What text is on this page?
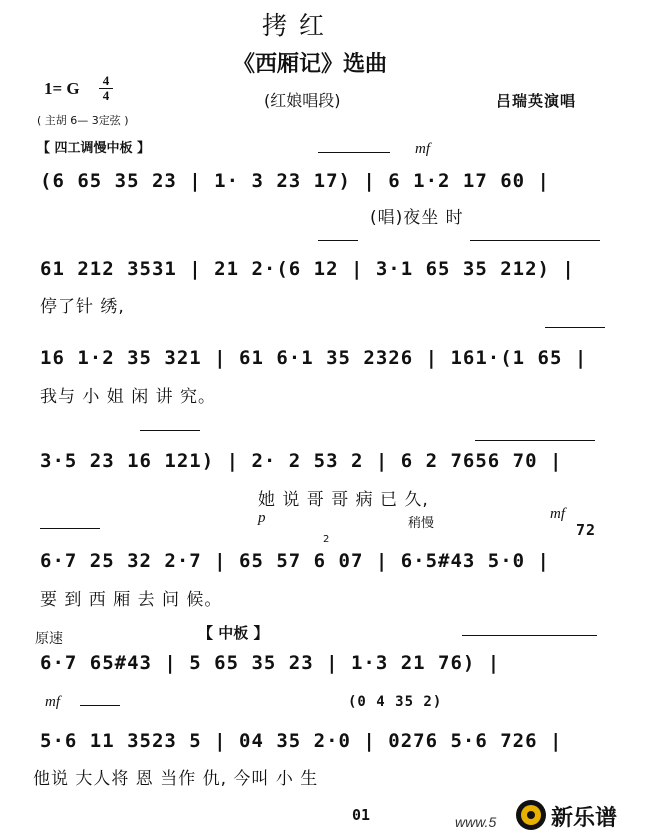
拷 红
《西厢记》选曲
(红娘唱段)	吕瑞英演唱
1= G 4
4
( 主胡 6— 3定弦 )
【 四工调慢中板 】	mf
(6 65 35 23 | 1· 3 23 17) | 6 1·2 17 60 |
(唱)夜坐 时
61 212 3531 | 21 2·(6 12 | 3·1 65 35 212) |
停了针 绣,
16 1·2 35 321 | 61 6·1 35 2326 | 161·(1 65 |
我与 小 姐 闲 讲 究。
3·5 23 16 121) | 2· 2 53 2 | 6 2 7656 70 |
她 说 哥 哥 病 已 久,
p	稍慢
mf
72
2
6·7 25 32 2·7 | 65 57 6 07 | 6·5#43 5·0 |
要 到 西 厢 去 问 候。
原速	【 中板 】
6·7 65#43 | 5 65 35 23 | 1·3 21 76) |
mf	(0 4 35 2)
5·6 11 3523 5 | 04 35 2·0 | 0276 5·6 726 |
他说 大人将 恩 当作 仇, 今叫 小 生
01	www.5 新乐谱
